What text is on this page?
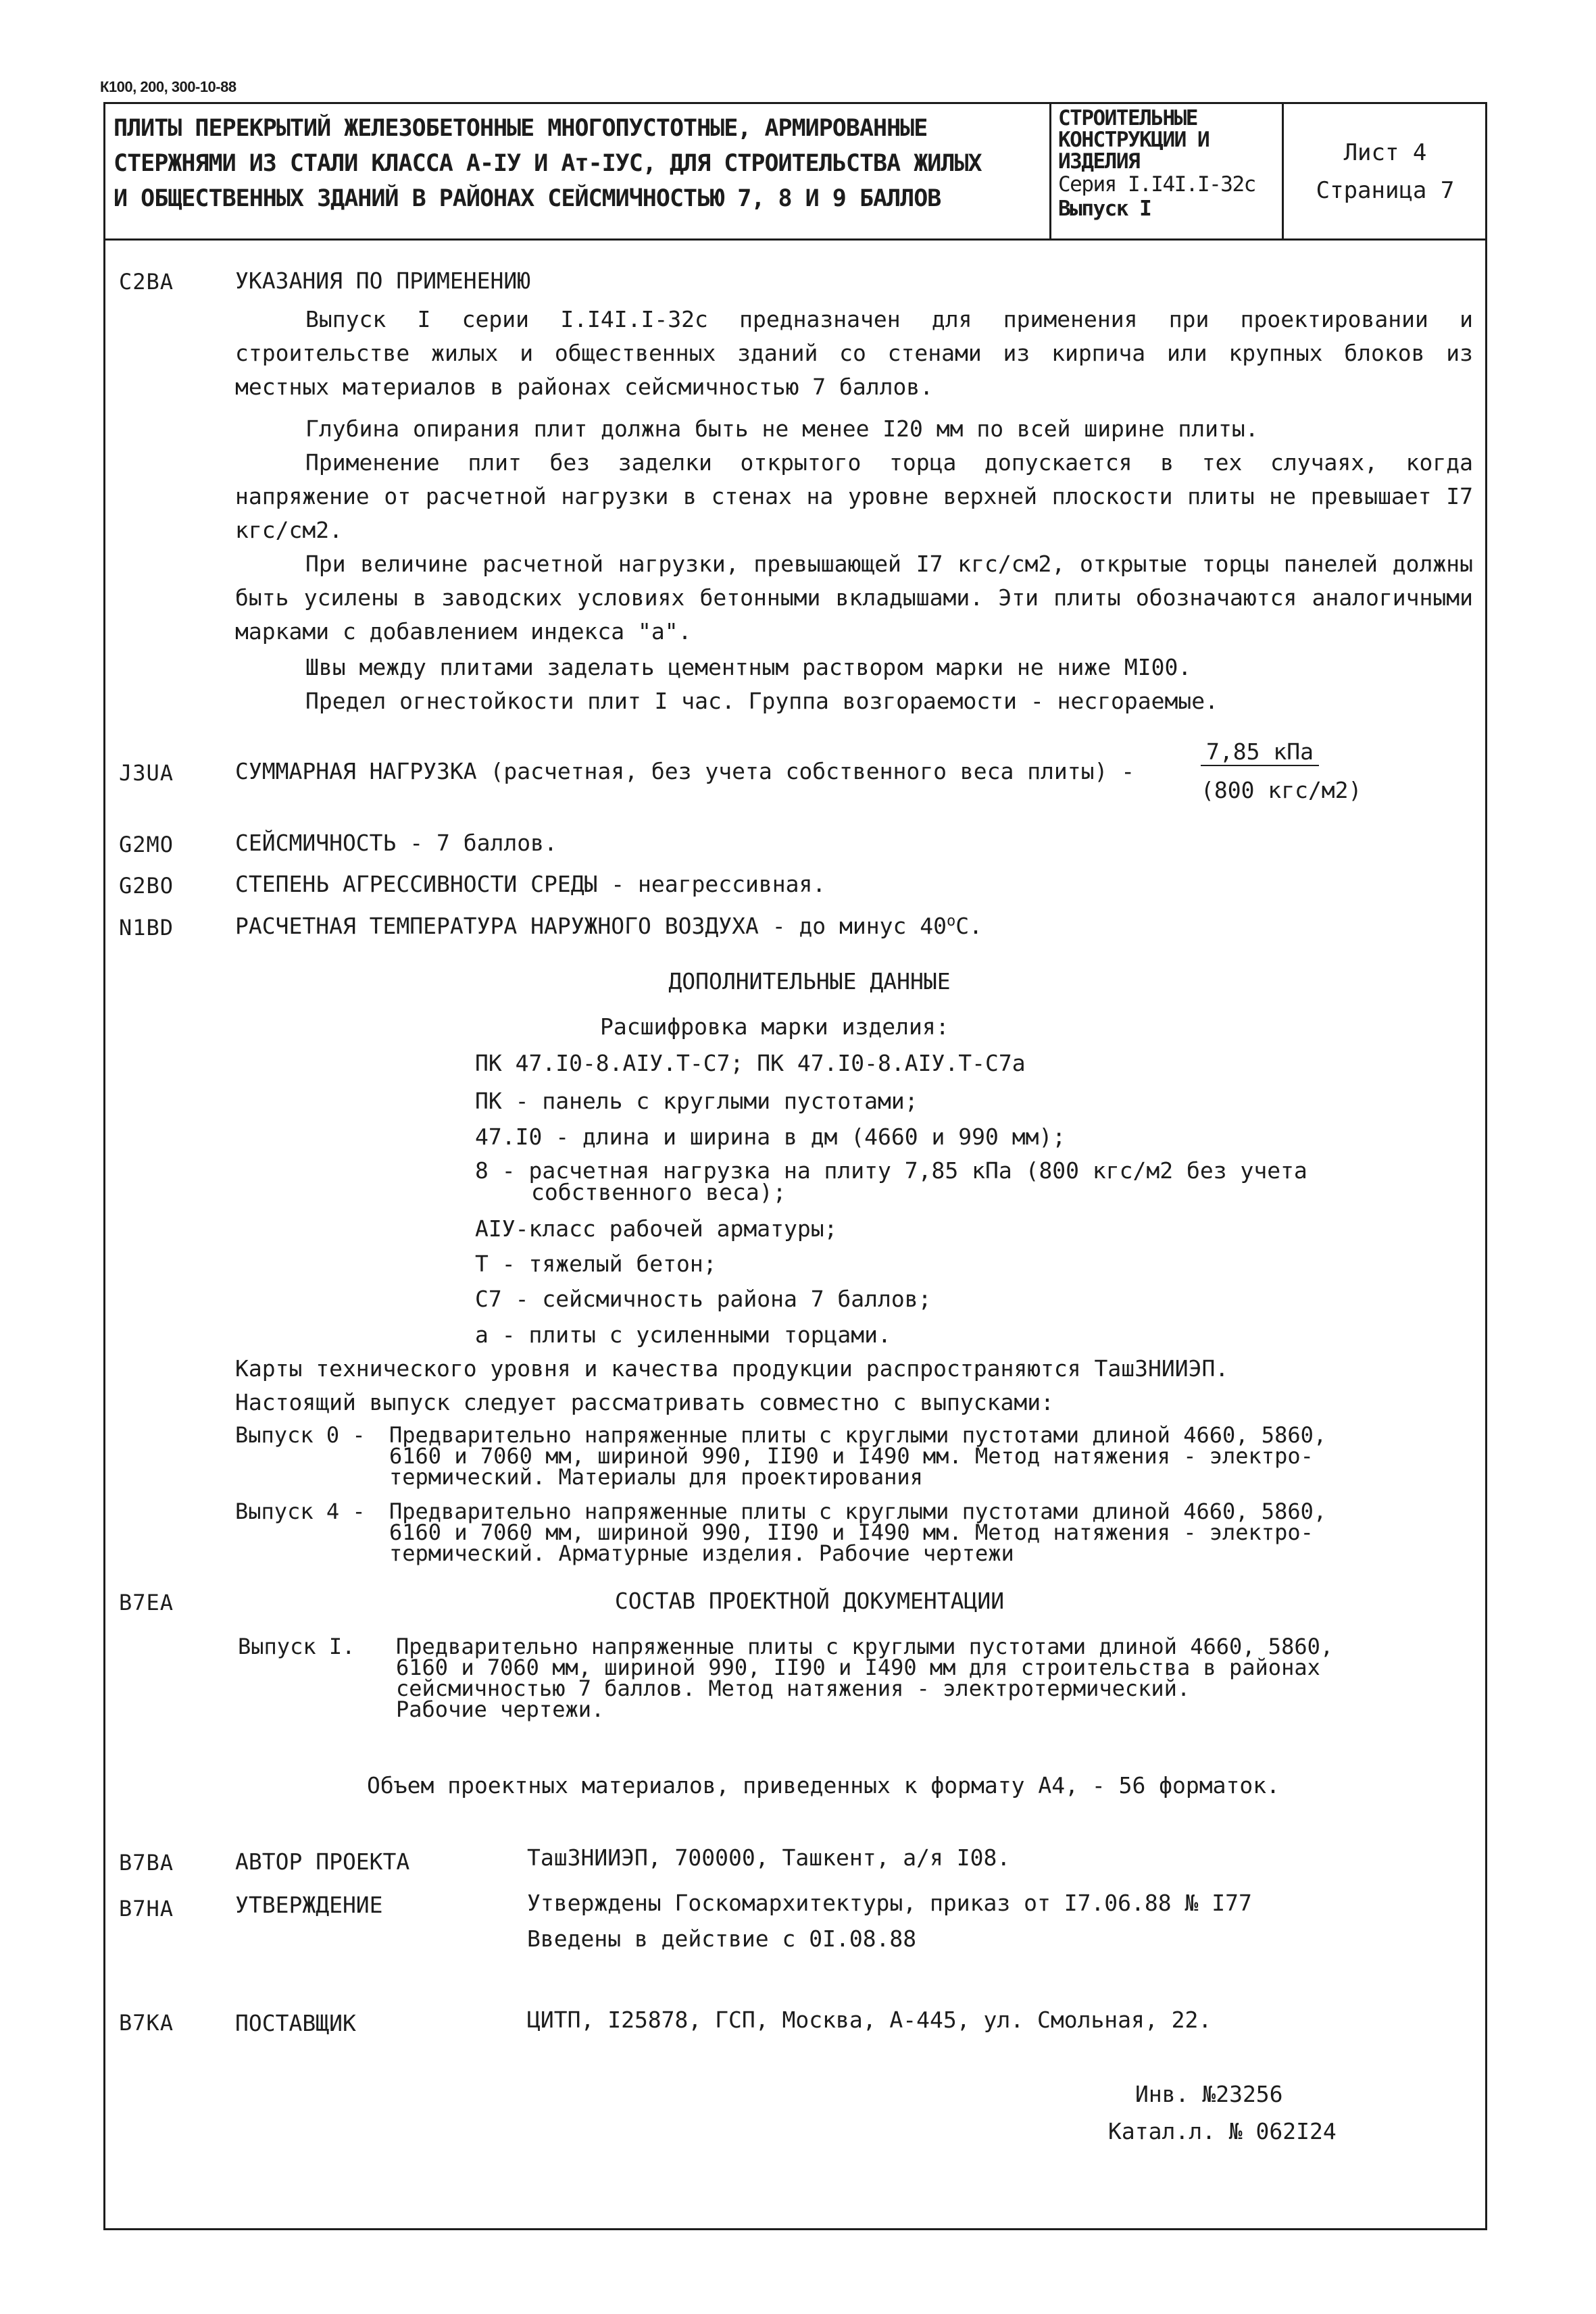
К100, 200, 300-10-88
ПЛИТЫ ПЕРЕКРЫТИЙ ЖЕЛЕЗОБЕТОННЫЕ МНОГОПУСТОТНЫЕ, АРМИРОВАННЫЕ
СТЕРЖНЯМИ ИЗ СТАЛИ КЛАССА А-IУ И Ат-IУС, ДЛЯ СТРОИТЕЛЬСТВА ЖИЛЫХ
И ОБЩЕСТВЕННЫХ ЗДАНИЙ В РАЙОНАХ СЕЙСМИЧНОСТЬЮ 7, 8 И 9 БАЛЛОВ
СТРОИТЕЛЬНЫЕ
КОНСТРУКЦИИ И
ИЗДЕЛИЯ
Серия I.I4I.I-32с
Выпуск I
Лист 4
Страница 7
C2BA	УКАЗАНИЯ ПО ПРИМЕНЕНИЮ
Выпуск I серии I.I4I.I-32с предназначен для применения при проектировании и строительстве жилых и общественных зданий со стенами из кирпича или крупных блоков из местных материалов в районах сейсмичностью 7 баллов.
Глубина опирания плит должна быть не менее I20 мм по всей ширине плиты.
Применение плит без заделки открытого торца допускается в тех случаях, когда напряжение от расчетной нагрузки в стенах на уровне верхней плоскости плиты не превышает I7 кгс/см2.
При величине расчетной нагрузки, превышающей I7 кгс/см2, открытые торцы панелей должны быть усилены в заводских условиях бетонными вкладышами. Эти плиты обозначаются аналогичными марками с добавлением индекса "а".
Швы между плитами заделать цементным раствором марки не ниже MI00.
Предел огнестойкости плит I час. Группа возгораемости - несгораемые.
J3UA	СУММАРНАЯ НАГРУЗКА (расчетная, без учета собственного веса плиты) -
7,85 кПа
(800 кгс/м2)
G2MO	СЕЙСМИЧНОСТЬ - 7 баллов.
G2BO	СТЕПЕНЬ АГРЕССИВНОСТИ СРЕДЫ - неагрессивная.
N1BD	РАСЧЕТНАЯ ТЕМПЕРАТУРА НАРУЖНОГО ВОЗДУХА - до минус 40$^o$С.
ДОПОЛНИТЕЛЬНЫЕ ДАННЫЕ
Расшифровка марки изделия:
ПК 47.I0-8.AIУ.Т-С7; ПК 47.I0-8.AIУ.Т-С7а
ПК - панель с круглыми пустотами;
47.I0 - длина и ширина в дм (4660 и 990 мм);
8 - расчетная нагрузка на плиту 7,85 кПа (800 кгс/м2 без учета
собственного веса);
AIУ-класс рабочей арматуры;
Т - тяжелый бетон;
С7 - сейсмичность района 7 баллов;
а - плиты с усиленными торцами.
Карты технического уровня и качества продукции распространяются ТашЗНИИЭП.
Настоящий выпуск следует рассматривать совместно с выпусками:
Выпуск 0 - Предварительно напряженные плиты с круглыми пустотами длиной 4660, 5860,
6160 и 7060 мм, шириной 990, II90 и I490 мм. Метод натяжения - электро-
термический. Материалы для проектирования
Выпуск 4 - Предварительно напряженные плиты с круглыми пустотами длиной 4660, 5860,
6160 и 7060 мм, шириной 990, II90 и I490 мм. Метод натяжения - электро-
термический. Арматурные изделия. Рабочие чертежи
B7EA	СОСТАВ ПРОЕКТНОЙ ДОКУМЕНТАЦИИ
Выпуск I. Предварительно напряженные плиты с круглыми пустотами длиной 4660, 5860,
6160 и 7060 мм, шириной 990, II90 и I490 мм для строительства в районах
сейсмичностью 7 баллов. Метод натяжения - электротермический.
Рабочие чертежи.
Объем проектных материалов, приведенных к формату А4, - 56 форматок.
B7BA	АВТОР ПРОЕКТА	ТашЗНИИЭП, 700000, Ташкент, а/я I08.
B7HA	УТВЕРЖДЕНИЕ	Утверждены Госкомархитектуры, приказ от I7.06.88 № I77
Введены в действие с 0I.08.88
B7KA	ПОСТАВЩИК	ЦИТП, I25878, ГСП, Москва, А-445, ул. Смольная, 22.
Инв. №23256
Катал.л. № 062I24
